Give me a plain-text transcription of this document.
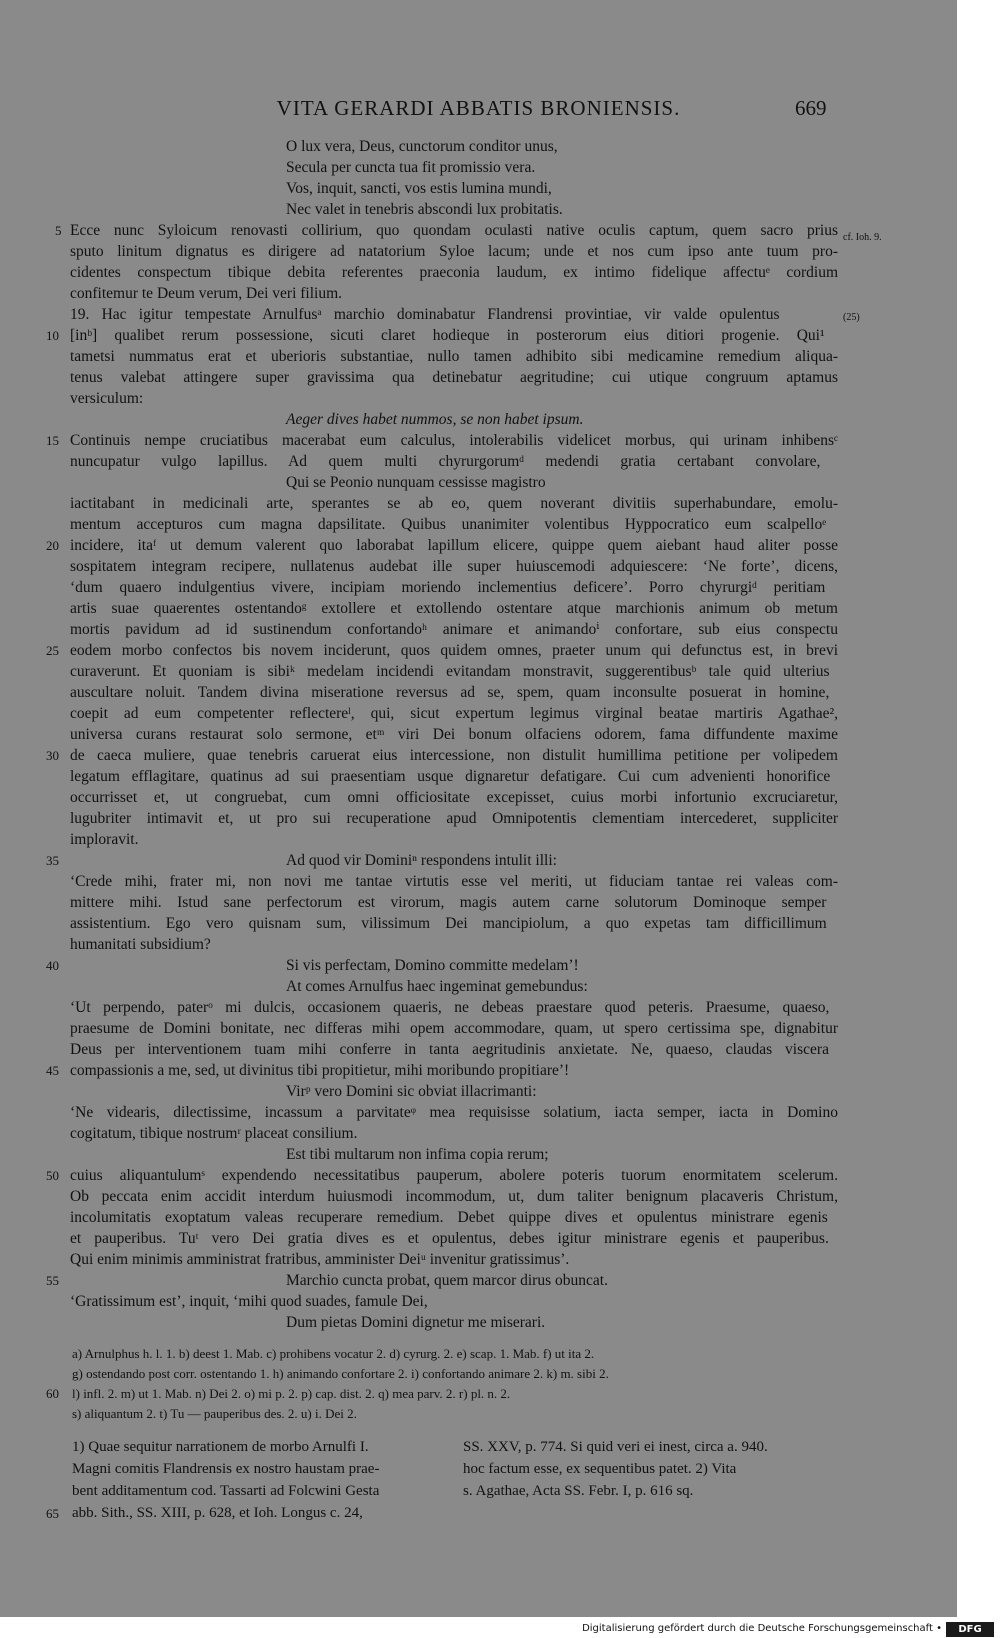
VITA GERARDI ABBATIS BRONIENSIS.	669
O lux vera, Deus, cunctorum conditor unus,
Secula per cuncta tua fit promissio vera.
Vos, inquit, sancti, vos estis lumina mundi,
Nec valet in tenebris abscondi lux probitatis.
5 Ecce nunc Syloicum renovasti collirium, quo quondam oculasti native oculis captum, quem sacro prius
sputo linitum dignatus es dirigere ad natatorium Syloe lacum; unde et nos cum ipso ante tuum pro-
cidentes conspectum tibique debita referentes praeconia laudum, ex intimo fidelique affectuᵉ cordium
confitemur te Deum verum, Dei veri filium.
19. Hac igitur tempestate Arnulfusᵃ marchio dominabatur Flandrensi provintiae, vir valde opulentus
10 [inᵇ] qualibet rerum possessione, sicuti claret hodieque in posterorum eius ditiori progenie. Qui¹
tametsi nummatus erat et uberioris substantiae, nullo tamen adhibito sibi medicamine remedium aliqua-
tenus valebat attingere super gravissima qua detinebatur aegritudine; cui utique congruum aptamus
versiculum:
Aeger dives habet nummos, se non habet ipsum.
15 Continuis nempe cruciatibus macerabat eum calculus, intolerabilis videlicet morbus, qui urinam inhibensᶜ
nuncupatur vulgo lapillus. Ad quem multi chyrurgorumᵈ medendi gratia certabant convolare,
Qui se Peonio nunquam cessisse magistro
iactitabant in medicinali arte, sperantes se ab eo, quem noverant divitiis superhabundare, emolu-
mentum accepturos cum magna dapsilitate. Quibus unanimiter volentibus Hyppocratico eum scalpelloᵉ
20 incidere, itaᶠ ut demum valerent quo laborabat lapillum elicere, quippe quem aiebant haud aliter posse
sospitatem integram recipere, nullatenus audebat ille super huiuscemodi adquiescere: ‘Ne forte’, dicens,
‘dum quaero indulgentius vivere, incipiam moriendo inclementius deficere’. Porro chyrurgiᵈ peritiam
artis suae quaerentes ostentandoᵍ extollere et extollendo ostentare atque marchionis animum ob metum
mortis pavidum ad id sustinendum confortandoʰ animare et animandoⁱ confortare, sub eius conspectu
25 eodem morbo confectos bis novem inciderunt, quos quidem omnes, praeter unum qui defunctus est, in brevi
curaverunt. Et quoniam is sibiᵏ medelam incidendi evitandam monstravit, suggerentibusᵇ tale quid ulterius
auscultare noluit. Tandem divina miseratione reversus ad se, spem, quam inconsulte posuerat in homine,
coepit ad eum competenter reflectereˡ, qui, sicut expertum legimus virginal beatae martiris Agathae²,
universa curans restaurat solo sermone, etᵐ viri Dei bonum olfaciens odorem, fama diffundente maxime
30 de caeca muliere, quae tenebris caruerat eius intercessione, non distulit humillima petitione per volipedem
legatum efflagitare, quatinus ad sui praesentiam usque dignaretur defatigare. Cui cum advenienti honorifice
occurrisset et, ut congruebat, cum omni officiositate excepisset, cuius morbi infortunio excruciaretur,
lugubriter intimavit et, ut pro sui recuperatione apud Omnipotentis clementiam intercederet, suppliciter
imploravit.
35	Ad quod vir Dominiⁿ respondens intulit illi:
‘Crede mihi, frater mi, non novi me tantae virtutis esse vel meriti, ut fiduciam tantae rei valeas com-
mittere mihi. Istud sane perfectorum est virorum, magis autem carne solutorum Dominoque semper
assistentium. Ego vero quisnam sum, vilissimum Dei mancipiolum, a quo expetas tam difficillimum
humanitati subsidium?
40	Si vis perfectam, Domino committe medelam’!
At comes Arnulfus haec ingeminat gemebundus:
‘Ut perpendo, paterᵒ mi dulcis, occasionem quaeris, ne debeas praestare quod peteris. Praesume, quaeso,
praesume de Domini bonitate, nec differas mihi opem accommodare, quam, ut spero certissima spe, dignabitur
Deus per interventionem tuam mihi conferre in tanta aegritudinis anxietate. Ne, quaeso, claudas viscera
45 compassionis a me, sed, ut divinitus tibi propitietur, mihi moribundo propitiare’!
Virᵖ vero Domini sic obviat illacrimanti:
‘Ne videaris, dilectissime, incassum a parvitateᵠ mea requisisse solatium, iacta semper, iacta in Domino
cogitatum, tibique nostrumʳ placeat consilium.
Est tibi multarum non infima copia rerum;
50 cuius aliquantulumˢ expendendo necessitatibus pauperum, abolere poteris tuorum enormitatem scelerum.
Ob peccata enim accidit interdum huiusmodi incommodum, ut, dum taliter benignum placaveris Christum,
incolumitatis exoptatum valeas recuperare remedium. Debet quippe dives et opulentus ministrare egenis
et pauperibus. Tuᵗ vero Dei gratia dives es et opulentus, debes igitur ministrare egenis et pauperibus.
Qui enim minimis amministrat fratribus, amminister Deiᵘ invenitur gratissimus’.
55	Marchio cuncta probat, quem marcor dirus obuncat.
‘Gratissimum est’, inquit, ‘mihi quod suades, famule Dei,
Dum pietas Domini dignetur me miserari.
cf. Ioh. 9.
(25)
a) Arnulphus h. l. 1. b) deest 1. Mab. c) prohibens vocatur 2. d) cyrurg. 2. e) scap. 1. Mab. f) ut ita 2.
g) ostendando post corr. ostentando 1. h) animando confortare 2. i) confortando animare 2. k) m. sibi 2.
60 l) infl. 2. m) ut 1. Mab. n) Dei 2. o) mi p. 2. p) cap. dist. 2. q) mea parv. 2. r) pl. n. 2.
s) aliquantum 2. t) Tu — pauperibus des. 2. u) i. Dei 2.
1) Quae sequitur narrationem de morbo Arnulfi I.
Magni comitis Flandrensis ex nostro haustam prae-
bent additamentum cod. Tassarti ad Folcwini Gesta
65 abb. Sith., SS. XIII, p. 628, et Ioh. Longus c. 24,
SS. XXV, p. 774. Si quid veri ei inest, circa a. 940.
hoc factum esse, ex sequentibus patet. 2) Vita
s. Agathae, Acta SS. Febr. I, p. 616 sq.
Digitalisierung gefördert durch die Deutsche Forschungsgemeinschaft •	DFG
